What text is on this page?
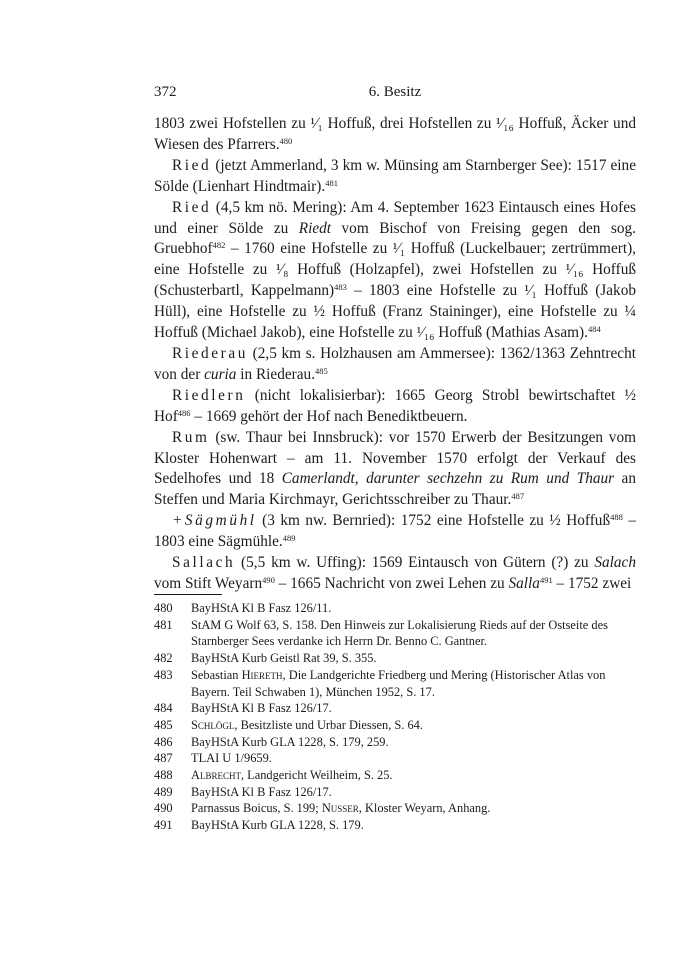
372	6. Besitz

1803 zwei Hofstellen zu ¹⁄₁ Hoffuß, drei Hofstellen zu ¹⁄₁₆ Hoffuß, Äcker und Wiesen des Pfarrers.$^{480}$

Ried (jetzt Ammerland, 3 km w. Münsing am Starnberger See): 1517 eine Sölde (Lienhart Hindtmair).$^{481}$

Ried (4,5 km nö. Mering): Am 4. September 1623 Eintausch eines Hofes und einer Sölde zu Riedt vom Bischof von Freising gegen den sog. Gruebhof$^{482}$ – 1760 eine Hofstelle zu ¹⁄₁ Hoffuß (Luckelbauer; zertrümmert), eine Hofstelle zu ¹⁄₈ Hoffuß (Holzapfel), zwei Hofstellen zu ¹⁄₁₆ Hoffuß (Schusterbartl, Kappelmann)$^{483}$ – 1803 eine Hofstelle zu ¹⁄₁ Hoffuß (Jakob Hüll), eine Hofstelle zu ½ Hoffuß (Franz Staininger), eine Hofstelle zu ¼ Hoffuß (Michael Jakob), eine Hofstelle zu ¹⁄₁₆ Hoffuß (Mathias Asam).$^{484}$

Riederau (2,5 km s. Holzhausen am Ammersee): 1362/1363 Zehntrecht von der curia in Riederau.$^{485}$

Riedlern (nicht lokalisierbar): 1665 Georg Strobl bewirtschaftet ½ Hof$^{486}$ – 1669 gehört der Hof nach Benediktbeuern.

Rum (sw. Thaur bei Innsbruck): vor 1570 Erwerb der Besitzungen vom Kloster Hohenwart – am 11. November 1570 erfolgt der Verkauf des Sedelhofes und 18 Camerlandt, darunter sechzehn zu Rum und Thaur an Steffen und Maria Kirchmayr, Gerichtsschreiber zu Thaur.$^{487}$

+Sägmühl (3 km nw. Bernried): 1752 eine Hofstelle zu ½ Hoffuß$^{488}$ – 1803 eine Sägmühle.$^{489}$

Sallach (5,5 km w. Uffing): 1569 Eintausch von Gütern (?) zu Salach vom Stift Weyarn$^{490}$ – 1665 Nachricht von zwei Lehen zu Salla$^{491}$ – 1752 zwei

480 BayHStA Kl B Fasz 126/11.

481 StAM G Wolf 63, S. 158. Den Hinweis zur Lokalisierung Rieds auf der Ostseite des Starnberger Sees verdanke ich Herrn Dr. Benno C. Gantner.

482 BayHStA Kurb Geistl Rat 39, S. 355.

483 Sebastian Hiereth, Die Landgerichte Friedberg und Mering (Historischer Atlas von Bayern. Teil Schwaben 1), München 1952, S. 17.

484 BayHStA Kl B Fasz 126/17.

485 Schlögl, Besitzliste und Urbar Diessen, S. 64.

486 BayHStA Kurb GLA 1228, S. 179, 259.

487 TLAI U 1/9659.

488 Albrecht, Landgericht Weilheim, S. 25.

489 BayHStA Kl B Fasz 126/17.

490 Parnassus Boicus, S. 199; Nusser, Kloster Weyarn, Anhang.

491 BayHStA Kurb GLA 1228, S. 179.
